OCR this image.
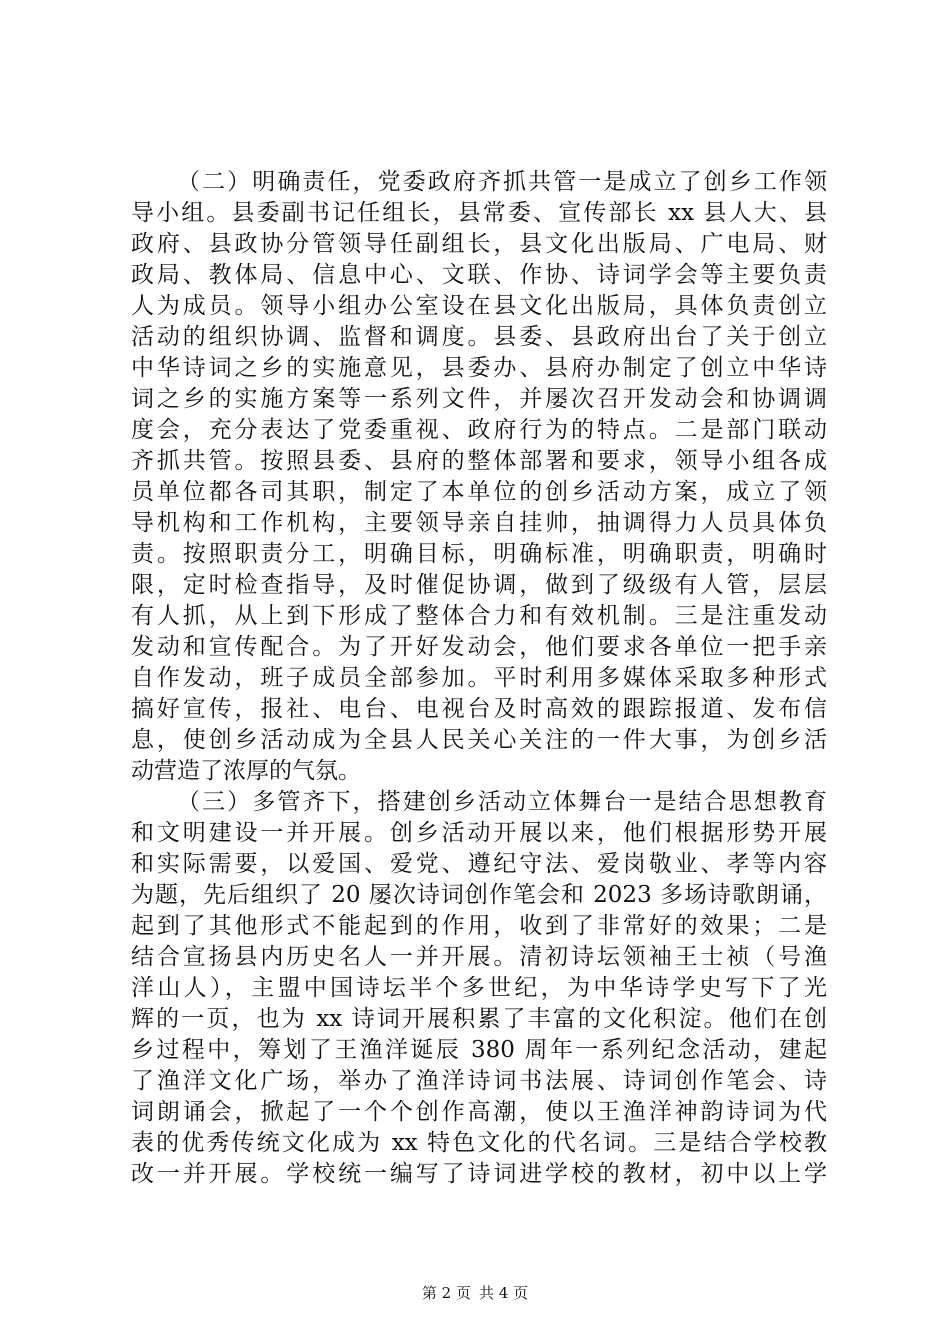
（二）明确责任，党委政府齐抓共管一是成立了创乡工作领
导小组。县委副书记任组长，县常委、宣传部长 xx 县人大、县
政府、县政协分管领导任副组长，县文化出版局、广电局、财
政局、教体局、信息中心、文联、作协、诗词学会等主要负责
人为成员。领导小组办公室设在县文化出版局，具体负责创立
活动的组织协调、监督和调度。县委、县政府出台了关于创立
中华诗词之乡的实施意见，县委办、县府办制定了创立中华诗
词之乡的实施方案等一系列文件，并屡次召开发动会和协调调
度会，充分表达了党委重视、政府行为的特点。二是部门联动
齐抓共管。按照县委、县府的整体部署和要求，领导小组各成
员单位都各司其职，制定了本单位的创乡活动方案，成立了领
导机构和工作机构，主要领导亲自挂帅，抽调得力人员具体负
责。按照职责分工，明确目标，明确标准，明确职责，明确时
限，定时检查指导，及时催促协调，做到了级级有人管，层层
有人抓，从上到下形成了整体合力和有效机制。三是注重发动
发动和宣传配合。为了开好发动会，他们要求各单位一把手亲
自作发动，班子成员全部参加。平时利用多媒体采取多种形式
搞好宣传，报社、电台、电视台及时高效的跟踪报道、发布信
息，使创乡活动成为全县人民关心关注的一件大事，为创乡活
动营造了浓厚的气氛。
（三）多管齐下，搭建创乡活动立体舞台一是结合思想教育
和文明建设一并开展。创乡活动开展以来，他们根据形势开展
和实际需要，以爱国、爱党、遵纪守法、爱岗敬业、孝等内容
为题，先后组织了 20 屡次诗词创作笔会和 2023 多场诗歌朗诵，
起到了其他形式不能起到的作用，收到了非常好的效果；二是
结合宣扬县内历史名人一并开展。清初诗坛领袖王士祯（号渔
洋山人），主盟中国诗坛半个多世纪，为中华诗学史写下了光
辉的一页，也为 xx 诗词开展积累了丰富的文化积淀。他们在创
乡过程中，筹划了王渔洋诞辰 380 周年一系列纪念活动，建起
了渔洋文化广场，举办了渔洋诗词书法展、诗词创作笔会、诗
词朗诵会，掀起了一个个创作高潮，使以王渔洋神韵诗词为代
表的优秀传统文化成为 xx 特色文化的代名词。三是结合学校教
改一并开展。学校统一编写了诗词进学校的教材，初中以上学
第 2 页 共 4 页
